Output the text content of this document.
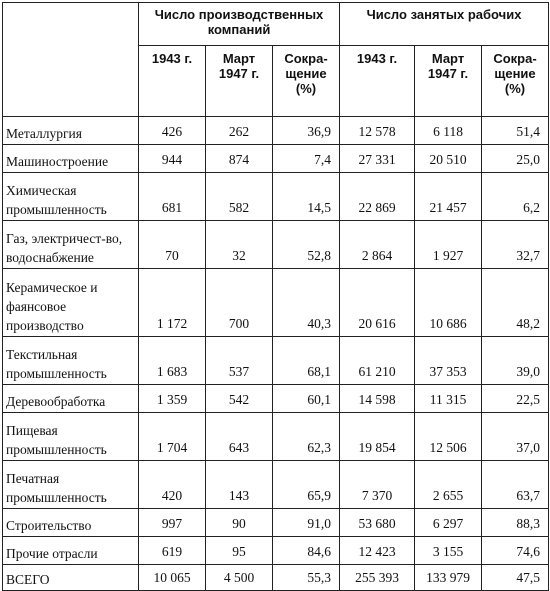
	Число производственных компаний			Число занятых рабочих		
	1943 г.	Март 1947 г.	Сокра-щение (%)	1943 г.	Март 1947 г.	Сокра-щение (%)
Металлургия	426	262	36,9	12 578	6 118	51,4
Машиностроение	944	874	7,4	27 331	20 510	25,0
Химическая промышленность	681	582	14,5	22 869	21 457	6,2
Газ, электричест-во, водоснабжение	70	32	52,8	2 864	1 927	32,7
Керамическое и фаянсовое производство	1 172	700	40,3	20 616	10 686	48,2
Текстильная промышленность	1 683	537	68,1	61 210	37 353	39,0
Деревообработка	1 359	542	60,1	14 598	11 315	22,5
Пищевая промышленность	1 704	643	62,3	19 854	12 506	37,0
Печатная промышленность	420	143	65,9	7 370	2 655	63,7
Строительство	997	90	91,0	53 680	6 297	88,3
Прочие отрасли	619	95	84,6	12 423	3 155	74,6
ВСЕГО	10 065	4 500	55,3	255 393	133 979	47,5
